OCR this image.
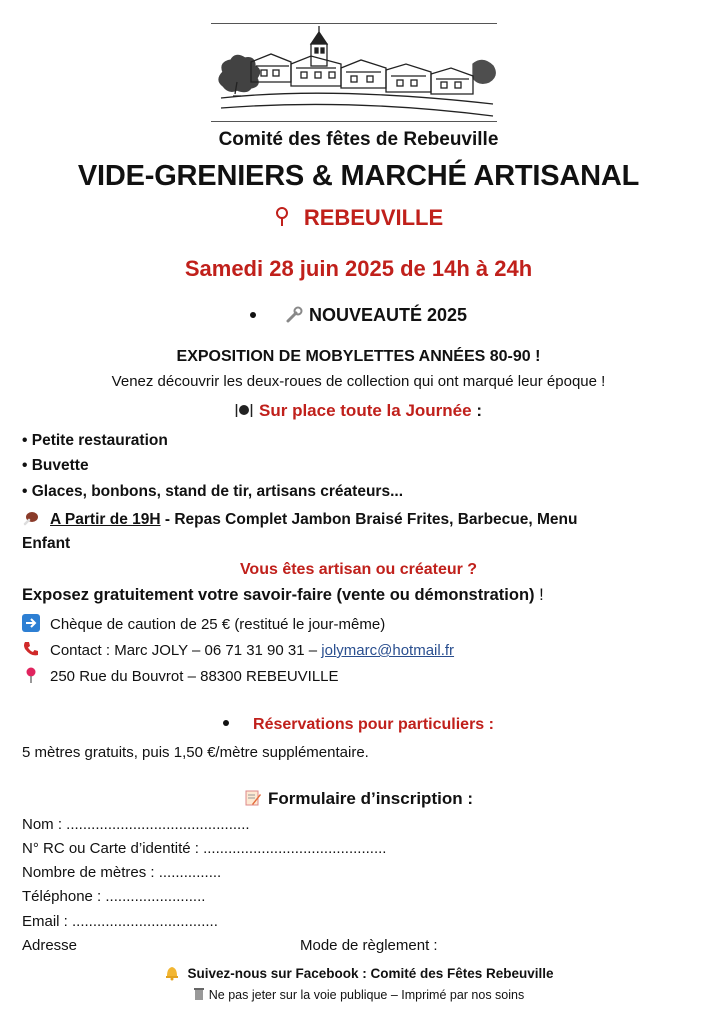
Comité des fêtes de Rebeuville
VIDE-GRENIERS & MARCHÉ ARTISANAL
REBEUVILLE
Samedi 28 juin 2025 de 14h à 24h
NOUVEAUTÉ 2025
EXPOSITION DE MOBYLETTES ANNÉES 80-90 !
Venez découvrir les deux-roues de collection qui ont marqué leur époque !
Sur place toute la Journée :
• Petite restauration
• Buvette
• Glaces, bonbons, stand de tir, artisans créateurs...
A Partir de 19H - Repas Complet Jambon Braisé Frites, Barbecue, Menu
Enfant
Vous êtes artisan ou créateur ?
Exposez gratuitement votre savoir-faire (vente ou démonstration) !
Chèque de caution de 25 € (restitué le jour-même)
Contact : Marc JOLY – 06 71 31 90 31 – jolymarc@hotmail.fr
250 Rue du Bouvrot – 88300 REBEUVILLE
Réservations pour particuliers :
5 mètres gratuits, puis 1,50 €/mètre supplémentaire.
Formulaire d’inscription :
Nom : ............................................
N° RC ou Carte d’identité : ............................................
Nombre de mètres : ...............
Téléphone : ........................
Email : ...................................
Adresse	Mode de règlement :
Suivez-nous sur Facebook : Comité des Fêtes Rebeuville
Ne pas jeter sur la voie publique – Imprimé par nos soins
